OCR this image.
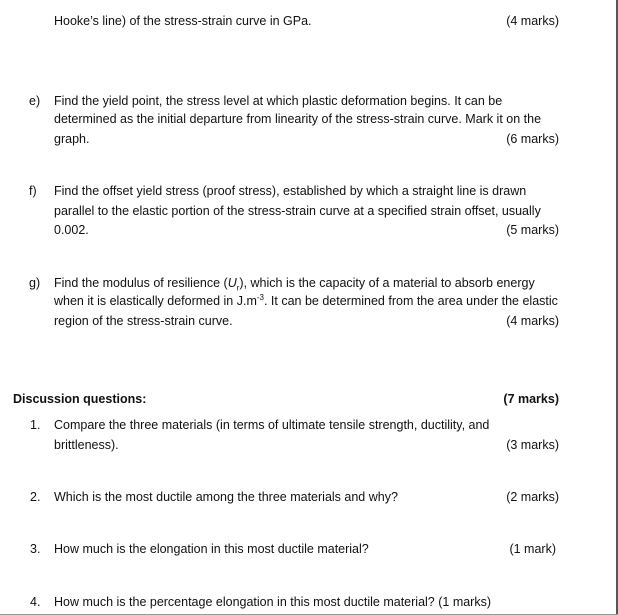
Hooke’s line) of the stress-strain curve in GPa.	(4 marks)
e) Find the yield point, the stress level at which plastic deformation begins. It can be
determined as the initial departure from linearity of the stress-strain curve. Mark it on the
graph.	(6 marks)
f) Find the offset yield stress (proof stress), established by which a straight line is drawn
parallel to the elastic portion of the stress-strain curve at a specified strain offset, usually
0.002.	(5 marks)
g) Find the modulus of resilience $(U_r)$, which is the capacity of a material to absorb energy
when it is elastically deformed in $J.m^{-3}$. It can be determined from the area under the elastic
region of the stress-strain curve.	(4 marks)
Discussion questions:	(7 marks)
1. Compare the three materials (in terms of ultimate tensile strength, ductility, and
brittleness).	(3 marks)
2. Which is the most ductile among the three materials and why?	(2 marks)
3. How much is the elongation in this most ductile material?	(1 mark)
4. How much is the percentage elongation in this most ductile material? (1 marks)
